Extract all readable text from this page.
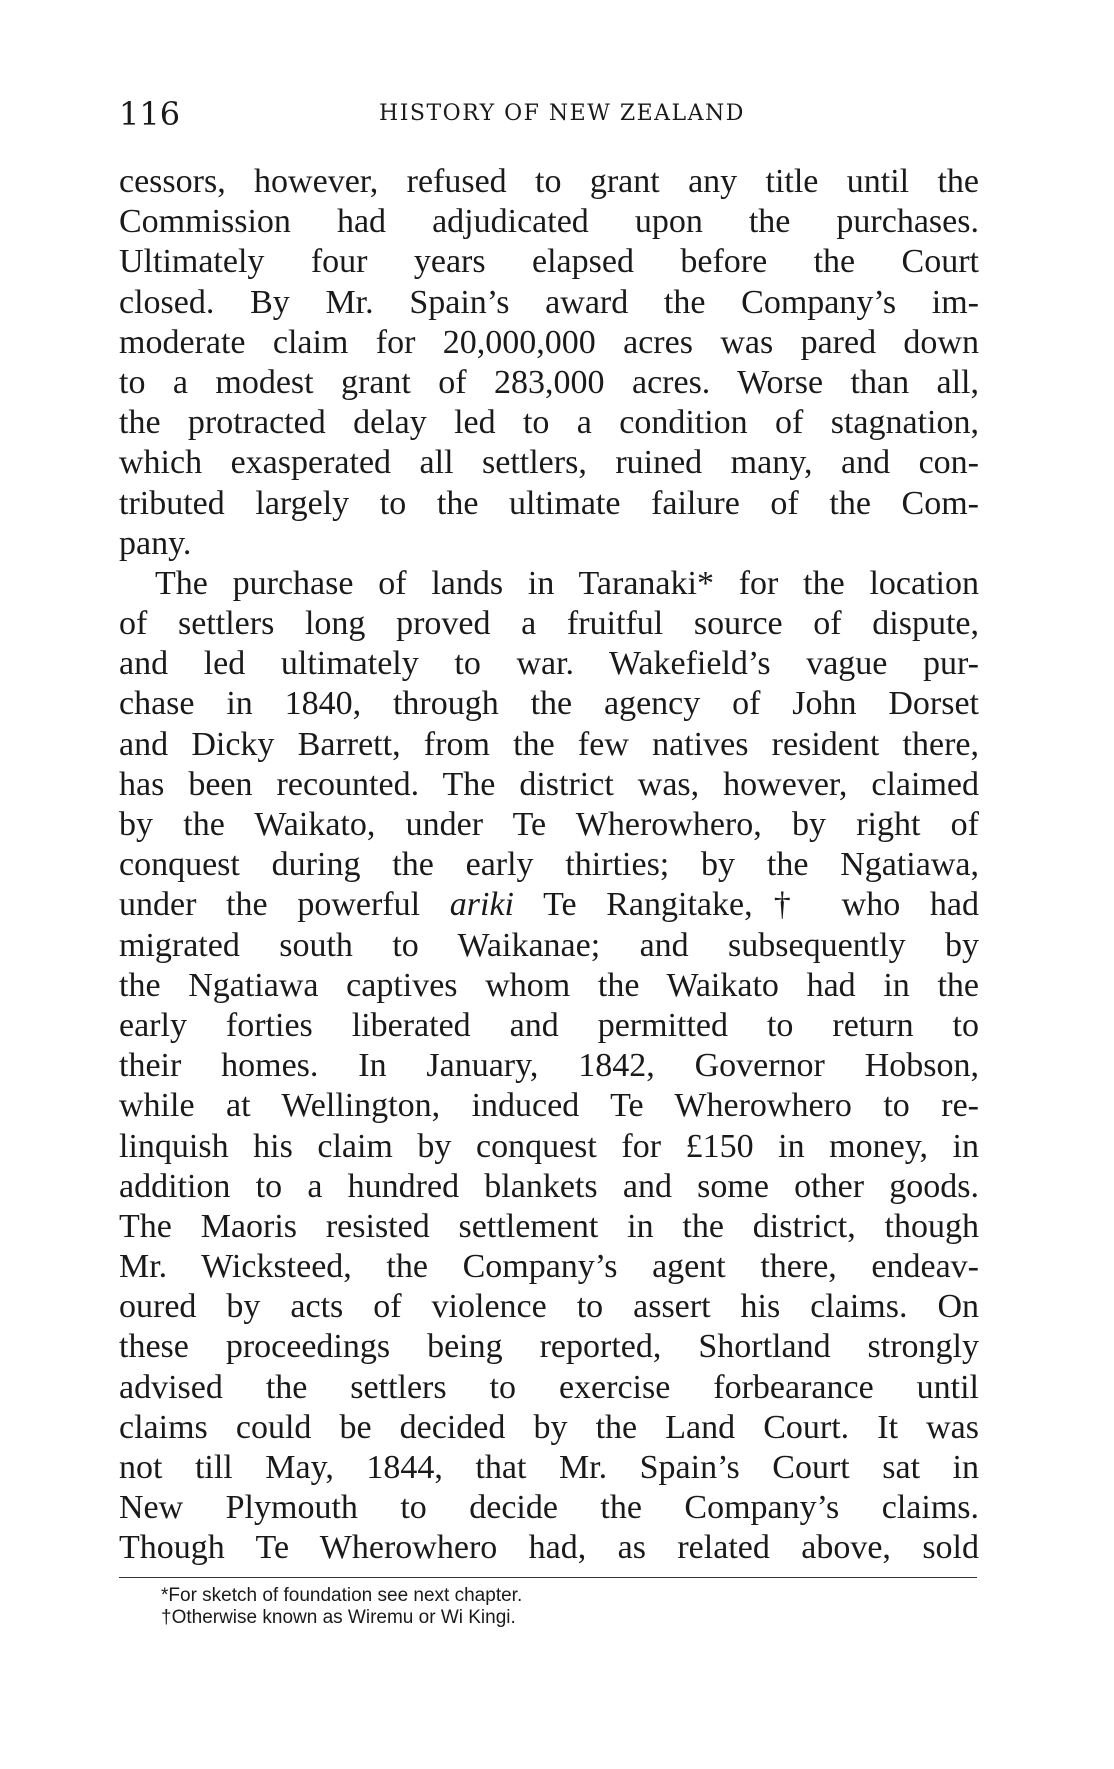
116	HISTORY OF NEW ZEALAND
cessors, however, refused to grant any title until the
Commission had adjudicated upon the purchases.
Ultimately four years elapsed before the Court
closed. By Mr. Spain’s award the Company’s im-
moderate claim for 20,000,000 acres was pared down
to a modest grant of 283,000 acres. Worse than all,
the protracted delay led to a condition of stagnation,
which exasperated all settlers, ruined many, and con-
tributed largely to the ultimate failure of the Com-
pany.
The purchase of lands in Taranaki* for the location
of settlers long proved a fruitful source of dispute,
and led ultimately to war. Wakefield’s vague pur-
chase in 1840, through the agency of John Dorset
and Dicky Barrett, from the few natives resident there,
has been recounted. The district was, however, claimed
by the Waikato, under Te Wherowhero, by right of
conquest during the early thirties; by the Ngatiawa,
under the powerful ariki Te Rangitake,† who had
migrated south to Waikanae; and subsequently by
the Ngatiawa captives whom the Waikato had in the
early forties liberated and permitted to return to
their homes. In January, 1842, Governor Hobson,
while at Wellington, induced Te Wherowhero to re-
linquish his claim by conquest for £150 in money, in
addition to a hundred blankets and some other goods.
The Maoris resisted settlement in the district, though
Mr. Wicksteed, the Company’s agent there, endeav-
oured by acts of violence to assert his claims. On
these proceedings being reported, Shortland strongly
advised the settlers to exercise forbearance until
claims could be decided by the Land Court. It was
not till May, 1844, that Mr. Spain’s Court sat in
New Plymouth to decide the Company’s claims.
Though Te Wherowhero had, as related above, sold
*For sketch of foundation see next chapter.
†Otherwise known as Wiremu or Wi Kingi.
